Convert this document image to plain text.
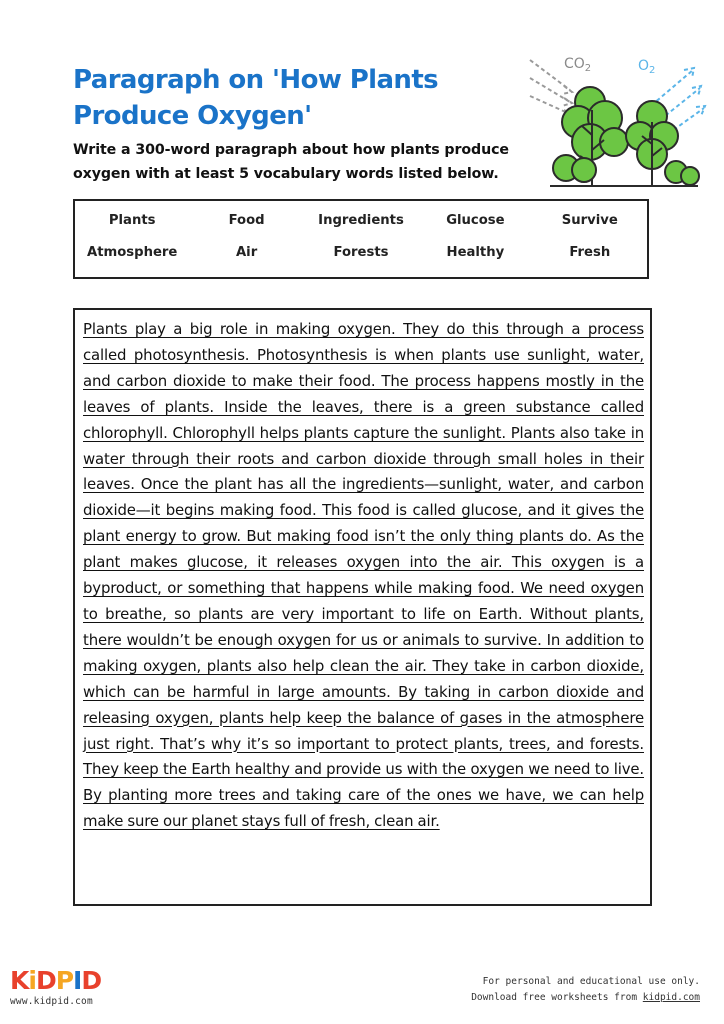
Paragraph on 'How Plants Produce Oxygen'
Write a 300-word paragraph about how plants produce oxygen with at least 5 vocabulary words listed below.
$CO_2$	$O_2$
Plants	Food	Ingredients	Glucose	Survive
Atmosphere	Air	Forests	Healthy	Fresh

Plants play a big role in making oxygen. They do this through a process called photosynthesis. Photosynthesis is when plants use sunlight, water, and carbon dioxide to make their food. The process happens mostly in the leaves of plants. Inside the leaves, there is a green substance called chlorophyll. Chlorophyll helps plants capture the sunlight. Plants also take in water through their roots and carbon dioxide through small holes in their leaves. Once the plant has all the ingredients—sunlight, water, and carbon dioxide—it begins making food. This food is called glucose, and it gives the plant energy to grow. But making food isn’t the only thing plants do. As the plant makes glucose, it releases oxygen into the air. This oxygen is a byproduct, or something that happens while making food. We need oxygen to breathe, so plants are very important to life on Earth. Without plants, there wouldn’t be enough oxygen for us or animals to survive. In addition to making oxygen, plants also help clean the air. They take in carbon dioxide, which can be harmful in large amounts. By taking in carbon dioxide and releasing oxygen, plants help keep the balance of gases in the atmosphere just right. That’s why it’s so important to protect plants, trees, and forests. They keep the Earth healthy and provide us with the oxygen we need to live. By planting more trees and taking care of the ones we have, we can help make sure our planet stays full of fresh, clean air.

KiDPID
www.kidpid.com
For personal and educational use only.
Download free worksheets from kidpid.com
